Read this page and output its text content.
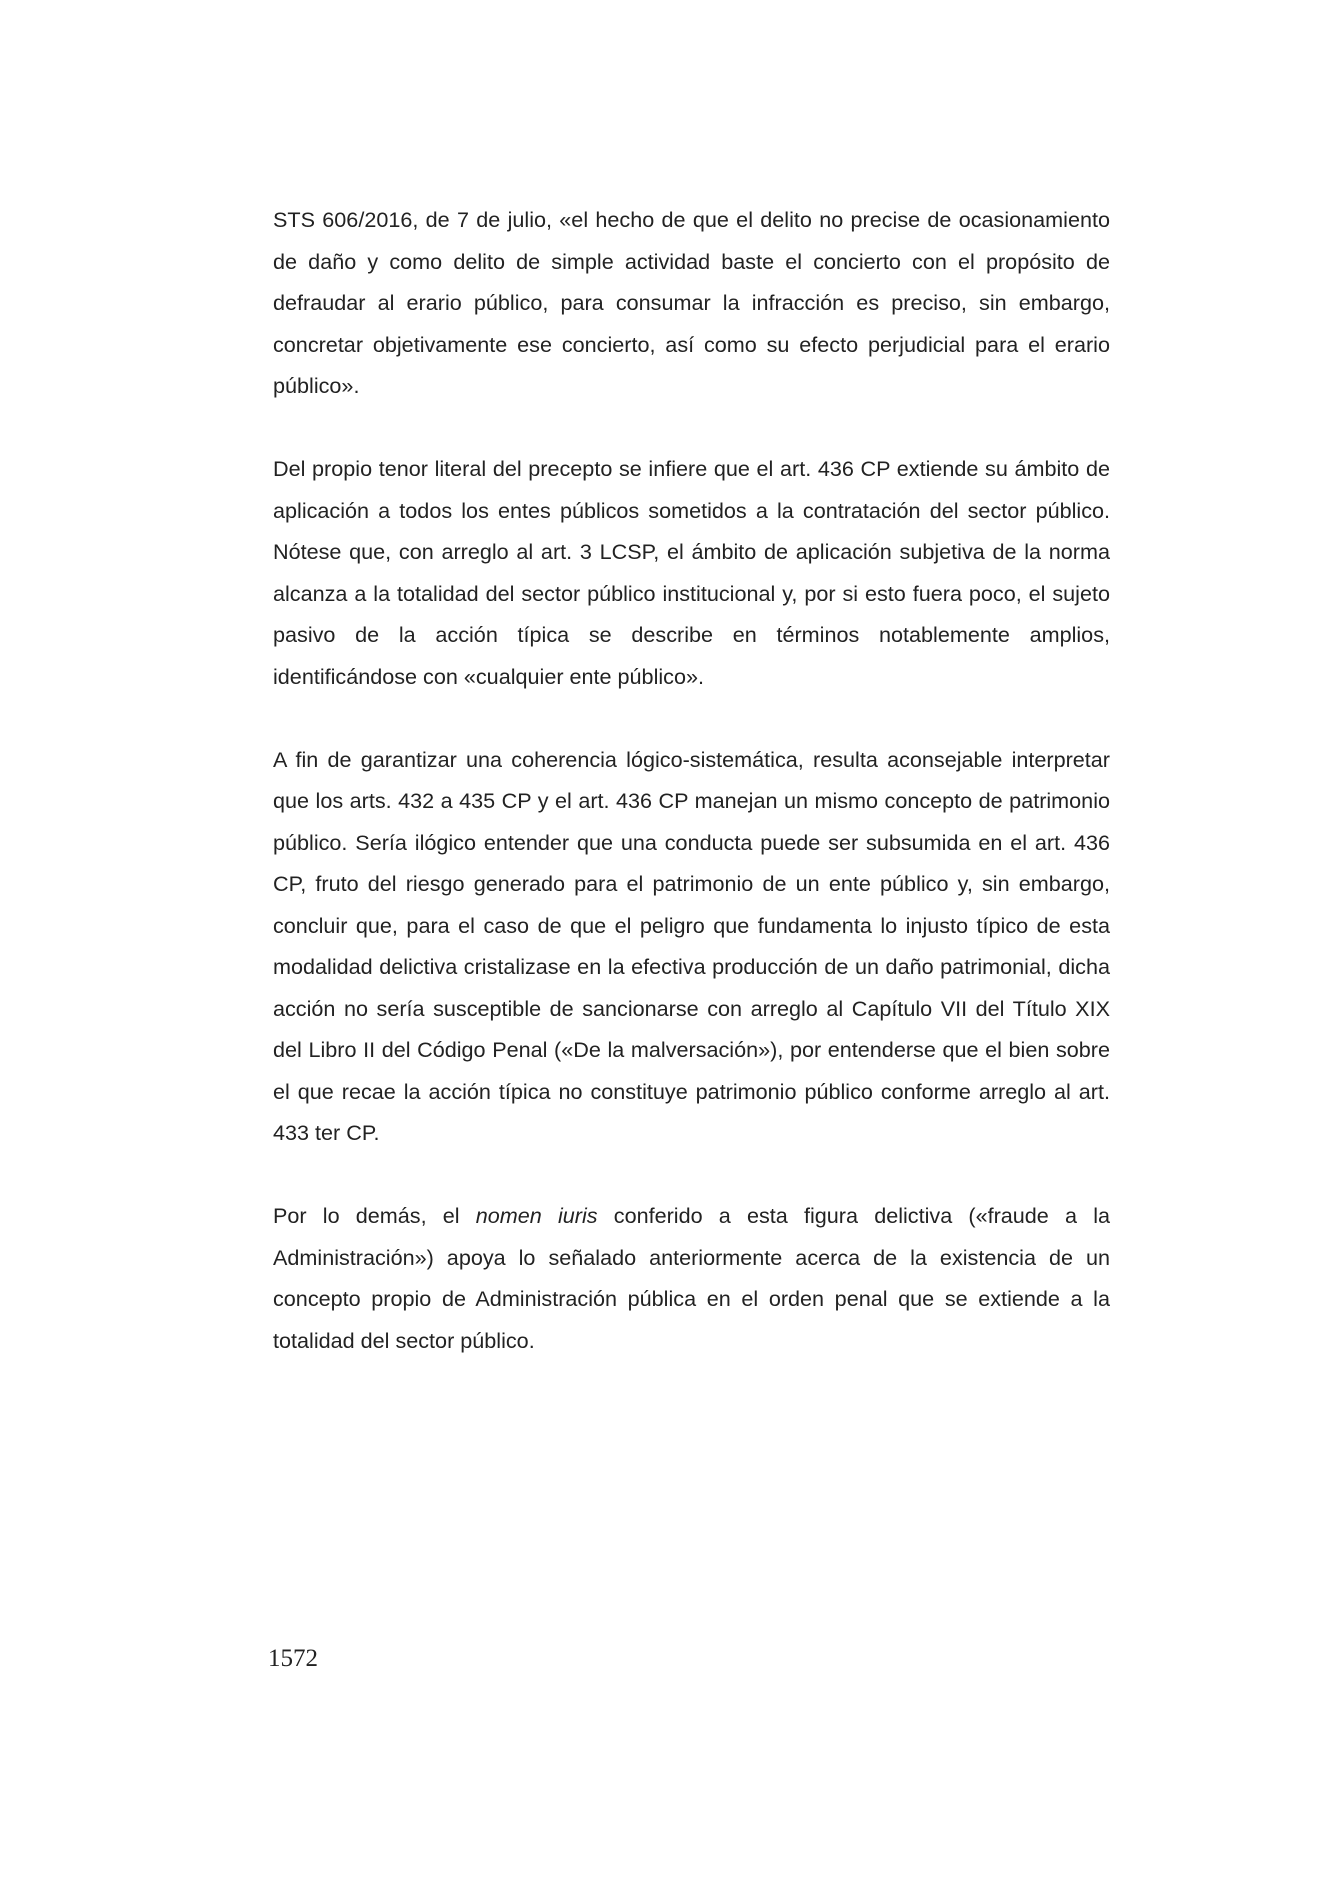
STS 606/2016, de 7 de julio, «el hecho de que el delito no precise de ocasionamiento de daño y como delito de simple actividad baste el concierto con el propósito de defraudar al erario público, para consumar la infracción es preciso, sin embargo, concretar objetivamente ese concierto, así como su efecto perjudicial para el erario público».

Del propio tenor literal del precepto se infiere que el art. 436 CP extiende su ámbito de aplicación a todos los entes públicos sometidos a la contratación del sector público. Nótese que, con arreglo al art. 3 LCSP, el ámbito de aplicación subjetiva de la norma alcanza a la totalidad del sector público institucional y, por si esto fuera poco, el sujeto pasivo de la acción típica se describe en términos notablemente amplios, identificándose con «cualquier ente público».

A fin de garantizar una coherencia lógico-sistemática, resulta aconsejable interpretar que los arts. 432 a 435 CP y el art. 436 CP manejan un mismo concepto de patrimonio público. Sería ilógico entender que una conducta puede ser subsumida en el art. 436 CP, fruto del riesgo generado para el patrimonio de un ente público y, sin embargo, concluir que, para el caso de que el peligro que fundamenta lo injusto típico de esta modalidad delictiva cristalizase en la efectiva producción de un daño patrimonial, dicha acción no sería susceptible de sancionarse con arreglo al Capítulo VII del Título XIX del Libro II del Código Penal («De la malversación»), por entenderse que el bien sobre el que recae la acción típica no constituye patrimonio público conforme arreglo al art. 433 ter CP.

Por lo demás, el nomen iuris conferido a esta figura delictiva («fraude a la Administración») apoya lo señalado anteriormente acerca de la existencia de un concepto propio de Administración pública en el orden penal que se extiende a la totalidad del sector público.

1572
